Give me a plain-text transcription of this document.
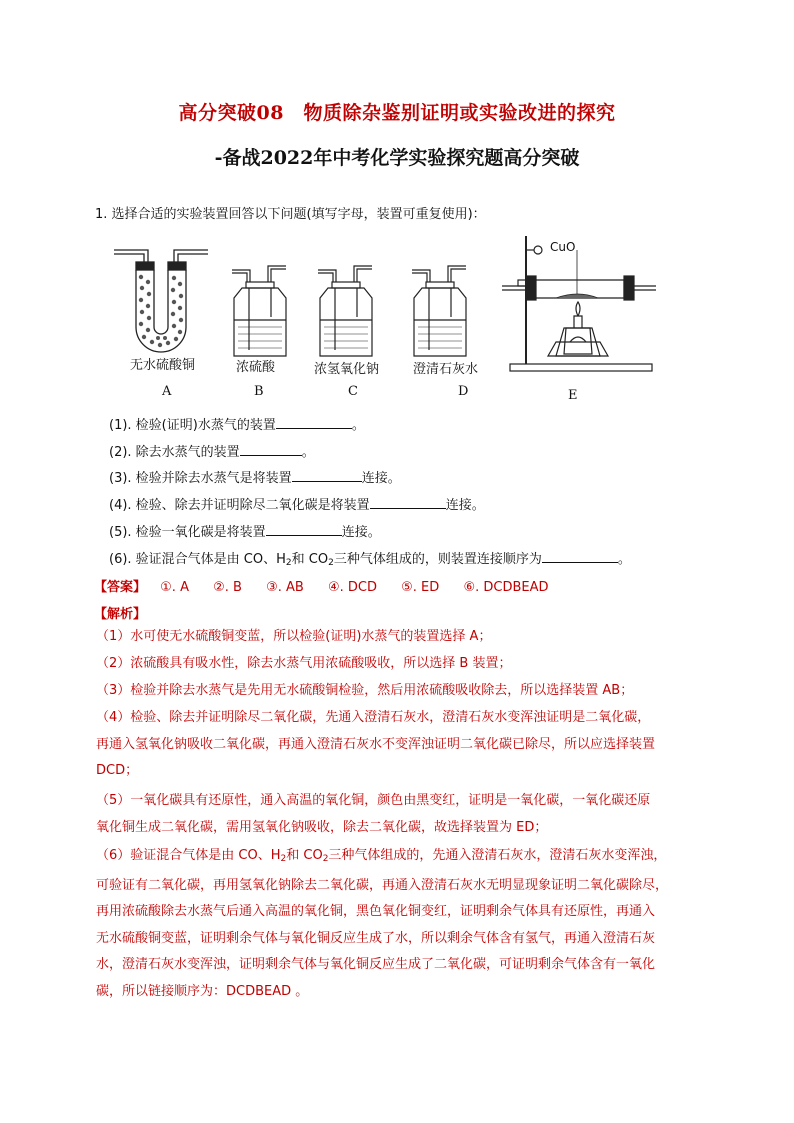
高分突破08　物质除杂鉴别证明或实验改进的探究
-备战2022年中考化学实验探究题高分突破
1. 选择合适的实验装置回答以下问题(填写字母，装置可重复使用)：
无水硫酸铜	浓硫酸	浓氢氧化钠	澄清石灰水
CuO
A	B	C	D	E
(1). 检验(证明)水蒸气的装置	。
(2). 除去水蒸气的装置	。
(3). 检验并除去水蒸气是将装置	连接。
(4). 检验、除去并证明除尽二氧化碳是将装置	连接。
(5). 检验一氧化碳是将装置	连接。
(6). 验证混合气体是由 CO、$H_2$和 $CO_2$三种气体组成的，则装置连接顺序为	。
【答案】 ①. A ②. B ③. AB ④. DCD ⑤. ED ⑥. DCDBEAD
【解析】
（1）水可使无水硫酸铜变蓝，所以检验(证明)水蒸气的装置选择 A；
（2）浓硫酸具有吸水性，除去水蒸气用浓硫酸吸收，所以选择 B 装置；
（3）检验并除去水蒸气是先用无水硫酸铜检验，然后用浓硫酸吸收除去，所以选择装置 AB；
（4）检验、除去并证明除尽二氧化碳，先通入澄清石灰水，澄清石灰水变浑浊证明是二氧化碳，
再通入氢氧化钠吸收二氧化碳，再通入澄清石灰水不变浑浊证明二氧化碳已除尽，所以应选择装置
DCD；
（5）一氧化碳具有还原性，通入高温的氧化铜，颜色由黑变红，证明是一氧化碳，一氧化碳还原
氧化铜生成二氧化碳，需用氢氧化钠吸收，除去二氧化碳，故选择装置为 ED；
（6）验证混合气体是由 CO、$H_2$和 $CO_2$三种气体组成的，先通入澄清石灰水，澄清石灰水变浑浊，
可验证有二氧化碳，再用氢氧化钠除去二氧化碳，再通入澄清石灰水无明显现象证明二氧化碳除尽，
再用浓硫酸除去水蒸气后通入高温的氧化铜，黑色氧化铜变红，证明剩余气体具有还原性，再通入
无水硫酸铜变蓝，证明剩余气体与氧化铜反应生成了水，所以剩余气体含有氢气，再通入澄清石灰
水，澄清石灰水变浑浊，证明剩余气体与氧化铜反应生成了二氧化碳，可证明剩余气体含有一氧化
碳，所以链接顺序为：DCDBEAD 。
